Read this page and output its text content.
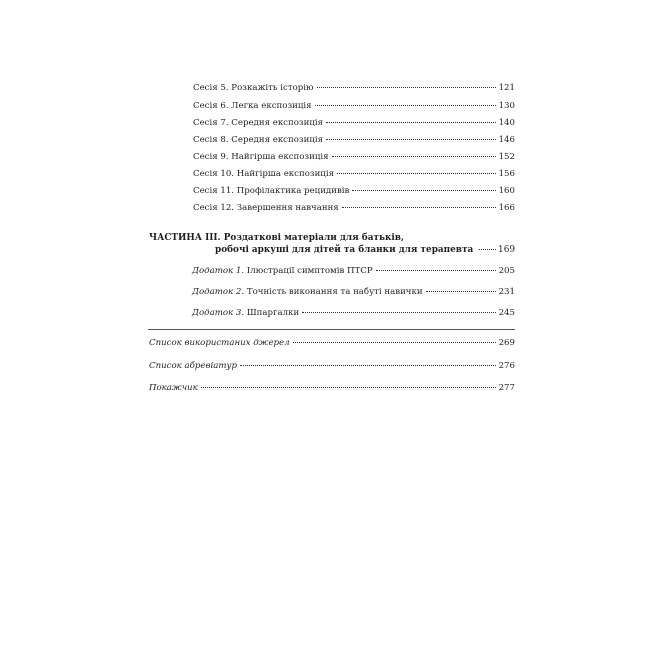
Сесія 5. Розкажіть історію	121
Сесія 6. Легка експозиція	130
Сесія 7. Середня експозиція	140
Сесія 8. Середня експозиція	146
Сесія 9. Найгірша експозиція	152
Сесія 10. Найгірша експозиція	156
Сесія 11. Профілактика рецидивів	160
Сесія 12. Завершення навчання	166
ЧАСТИНА ІІІ. Роздаткові матеріали для батьків,
робочі аркуші для дітей та бланки для терапевта	169
Додаток 1. Ілюстрації симптомів ПТСР	205
Додаток 2. Точність виконання та набуті навички	231
Додаток 3. Шпаргалки	245
Список використаних джерел	269
Список абревіатур	276
Покажчик	277
